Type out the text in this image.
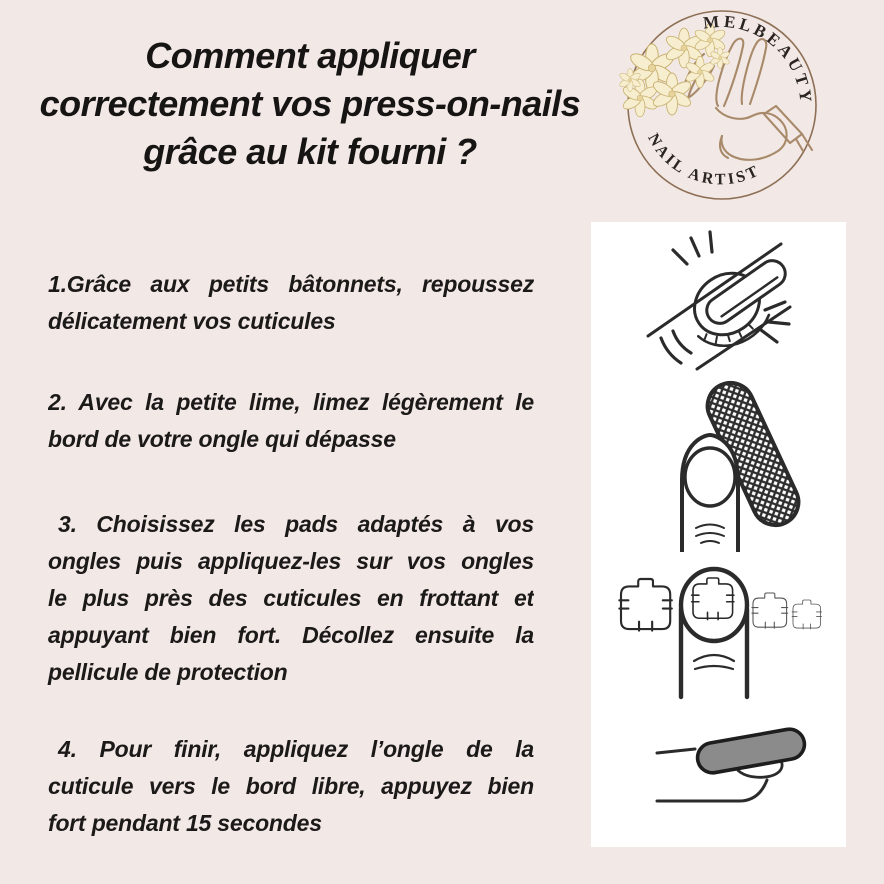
Comment appliquer
correctement vos press-on-nails
grâce au kit fourni ?
MELBEAUTY
NAIL ARTIST
1.Grâce aux petits bâtonnets, repoussez
délicatement vos cuticules
2. Avec la petite lime, limez légèrement le
bord de votre ongle qui dépasse
3. Choisissez les pads adaptés à vos
ongles puis appliquez-les sur vos ongles
le plus près des cuticules en frottant et
appuyant bien fort. Décollez ensuite la
pellicule de protection
4. Pour finir, appliquez l’ongle de la
cuticule vers le bord libre, appuyez bien
fort pendant 15 secondes
